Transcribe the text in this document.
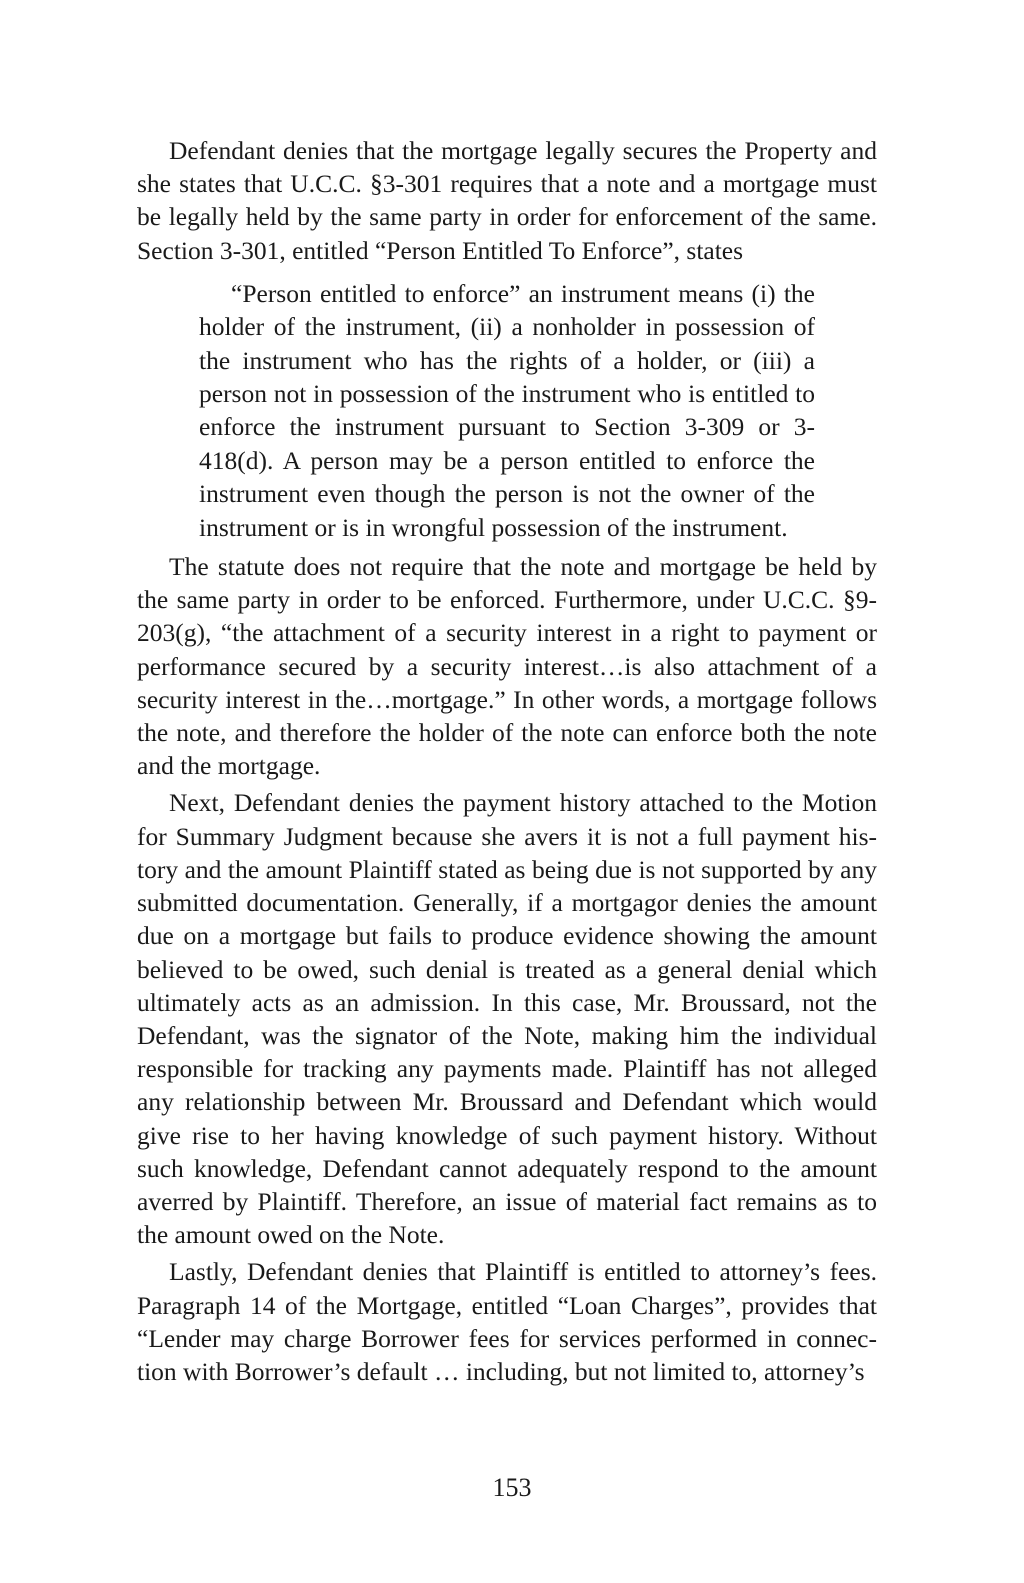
Defendant denies that the mortgage legally secures the Property and she states that U.C.C. §3-301 requires that a note and a mortgage must be legally held by the same party in order for enforcement of the same. Section 3-301, entitled “Person Entitled To Enforce”, states

“Person entitled to enforce” an instrument means (i) the holder of the instrument, (ii) a nonholder in possession of the instrument who has the rights of a holder, or (iii) a person not in possession of the instrument who is entitled to enforce the instrument pursuant to Section 3-309 or 3-418(d). A person may be a person entitled to enforce the instrument even though the person is not the owner of the instrument or is in wrongful possession of the instrument.

The statute does not require that the note and mortgage be held by the same party in order to be enforced. Furthermore, under U.C.C. §9-203(g), “the attachment of a security interest in a right to payment or performance secured by a security interest…is also attachment of a security interest in the…mortgage.” In other words, a mortgage follows the note, and therefore the holder of the note can enforce both the note and the mortgage.

Next, Defendant denies the payment history attached to the Motion for Summary Judgment because she avers it is not a full payment history and the amount Plaintiff stated as being due is not supported by any submitted documentation. Generally, if a mortgagor denies the amount due on a mortgage but fails to produce evidence showing the amount believed to be owed, such denial is treated as a general denial which ultimately acts as an admission. In this case, Mr. Broussard, not the Defendant, was the signator of the Note, making him the individual responsible for tracking any payments made. Plaintiff has not alleged any relationship between Mr. Broussard and Defendant which would give rise to her having knowledge of such payment history. Without such knowledge, Defendant cannot adequately respond to the amount averred by Plaintiff. Therefore, an issue of material fact remains as to the amount owed on the Note.

Lastly, Defendant denies that Plaintiff is entitled to attorney’s fees. Paragraph 14 of the Mortgage, entitled “Loan Charges”, provides that “Lender may charge Borrower fees for services performed in connection with Borrower’s default … including, but not limited to, attorney’s

153
